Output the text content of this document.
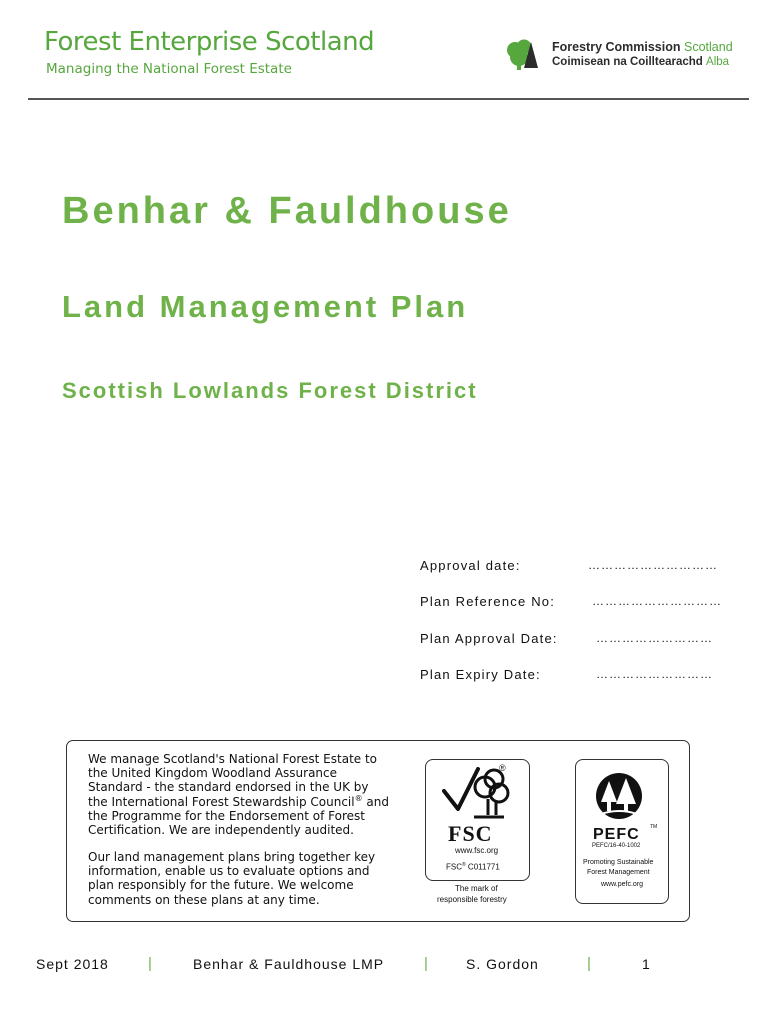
Forest Enterprise Scotland
Managing the National Forest Estate
Forestry Commission Scotland
Coimisean na Coilltearachd Alba
Benhar & Fauldhouse
Land Management Plan
Scottish Lowlands Forest District
Approval date:	…………………………
Plan Reference No:	…………………………
Plan Approval Date:	………………………
Plan Expiry Date:	………………………
We manage Scotland's National Forest Estate to
the United Kingdom Woodland Assurance
Standard - the standard endorsed in the UK by
the International Forest Stewardship Council® and
the Programme for the Endorsement of Forest
Certification. We are independently audited.
Our land management plans bring together key
information, enable us to evaluate options and
plan responsibly for the future. We welcome
comments on these plans at any time.
®
FSC
www.fsc.org
FSC® C011771
The mark of
responsible forestry
PEFC TM
PEFC/16-40-1002
Promoting Sustainable
Forest Management
www.pefc.org
Sept 2018	|	Benhar & Fauldhouse LMP	|	S. Gordon	|	1
